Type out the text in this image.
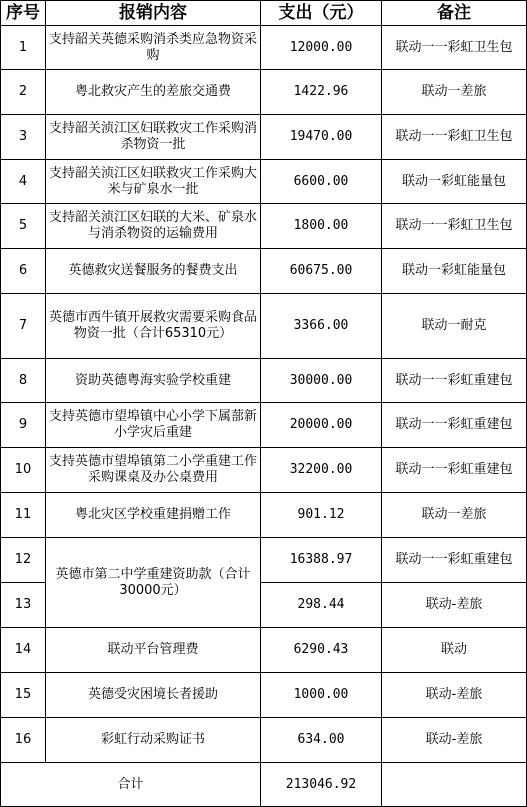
序号	报销内容	支出（元）	备注
1	支持韶关英德采购消杀类应急物资采购	12000.00	联动一一彩虹卫生包
2	粤北救灾产生的差旅交通费	1422.96	联动一差旅
3	支持韶关浈江区妇联救灾工作采购消杀物资一批	19470.00	联动一一彩虹卫生包
4	支持韶关浈江区妇联救灾工作采购大米与矿泉水一批	6600.00	联动一彩虹能量包
5	支持韶关浈江区妇联的大米、矿泉水与消杀物资的运输费用	1800.00	联动一一彩虹卫生包
6	英德救灾送餐服务的餐费支出	60675.00	联动一彩虹能量包
7	英德市西牛镇开展救灾需要采购食品物资一批（合计65310元）	3366.00	联动一耐克
8	资助英德粤海实验学校重建	30000.00	联动一一彩虹重建包
9	支持英德市望埠镇中心小学下属蔀新小学灾后重建	20000.00	联动一一彩虹重建包
10	支持英德市望埠镇第二小学重建工作采购课桌及办公桌费用	32200.00	联动一一彩虹重建包
11	粤北灾区学校重建捐赠工作	901.12	联动一差旅
12	英德市第二中学重建资助款（合计30000元）	16388.97	联动一一彩虹重建包
13		298.44	联动-差旅
14	联动平台管理费	6290.43	联动
15	英德受灾困境长者援助	1000.00	联动-差旅
16	彩虹行动采购证书	634.00	联动-差旅
合计		213046.92	
